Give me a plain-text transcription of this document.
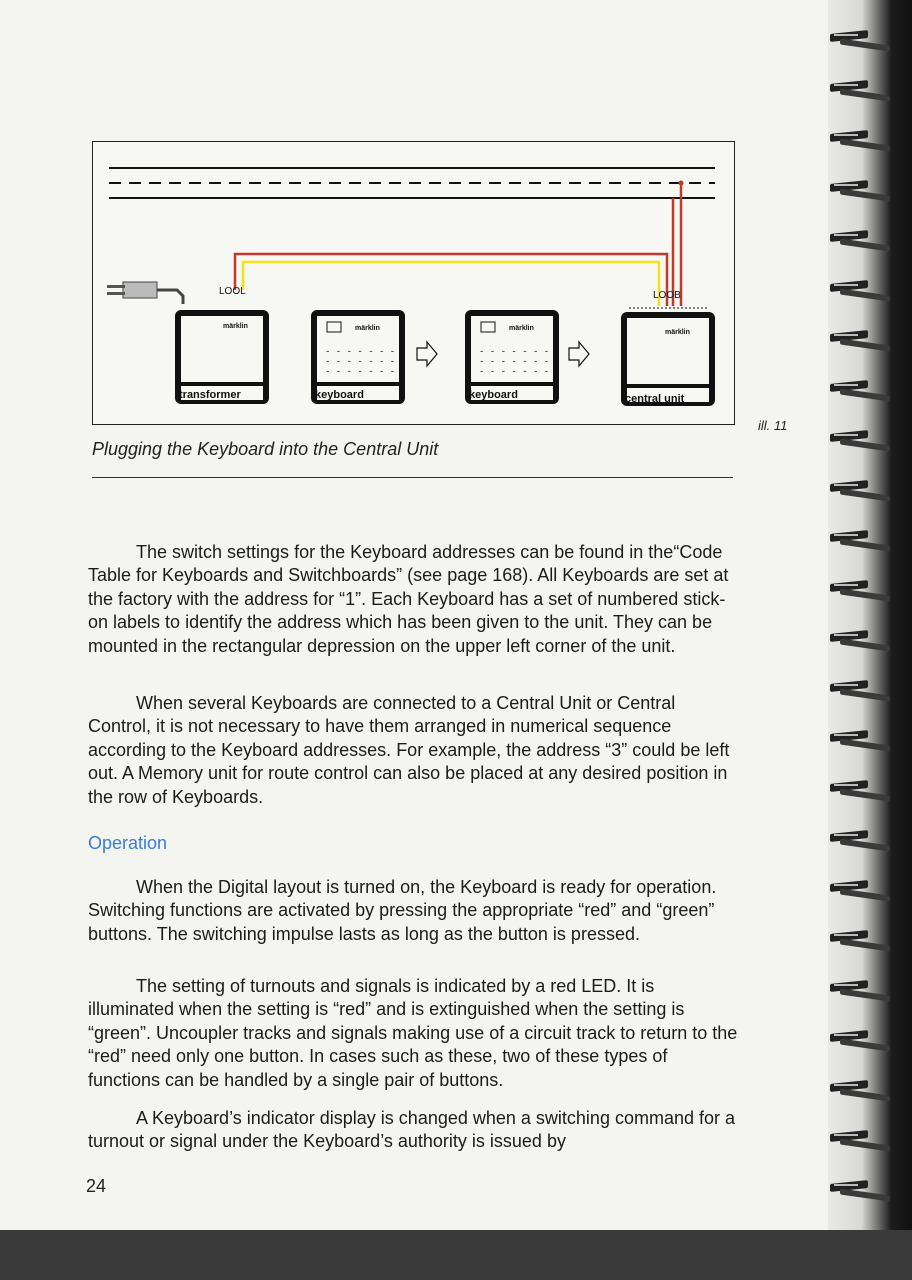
LOOL	LOOB
märklin
transformer
märklin
- - - - - - - -
- - - - - - - -
- - - - - - - -
keyboard
märklin
- - - - - - - -
- - - - - - - -
- - - - - - - -
keyboard
märklin
central unit
ill. 11
Plugging the Keyboard into the Central Unit

The switch settings for the Keyboard addresses can be found in the“Code Table for Keyboards and Switchboards” (see page 168). All Keyboards are set at the factory with the address for “1”. Each Keyboard has a set of numbered stick-on labels to identify the address which has been given to the unit. They can be mounted in the rectangular depression on the upper left corner of the unit.

When several Keyboards are connected to a Central Unit or Central Control, it is not necessary to have them arranged in numerical sequence according to the Keyboard addresses. For example, the address “3” could be left out. A Memory unit for route control can also be placed at any desired position in the row of Keyboards.

Operation

When the Digital layout is turned on, the Keyboard is ready for operation. Switching functions are activated by pressing the appropriate “red” and “green” buttons. The switching impulse lasts as long as the button is pressed.

The setting of turnouts and signals is indicated by a red LED. It is illuminated when the setting is “red” and is extinguished when the setting is “green”. Uncoupler tracks and signals making use of a circuit track to return to the “red” need only one button. In cases such as these, two of these types of functions can be handled by a single pair of buttons.

A Keyboard’s indicator display is changed when a switching command for a turnout or signal under the Keyboard’s authority is issued by

24
